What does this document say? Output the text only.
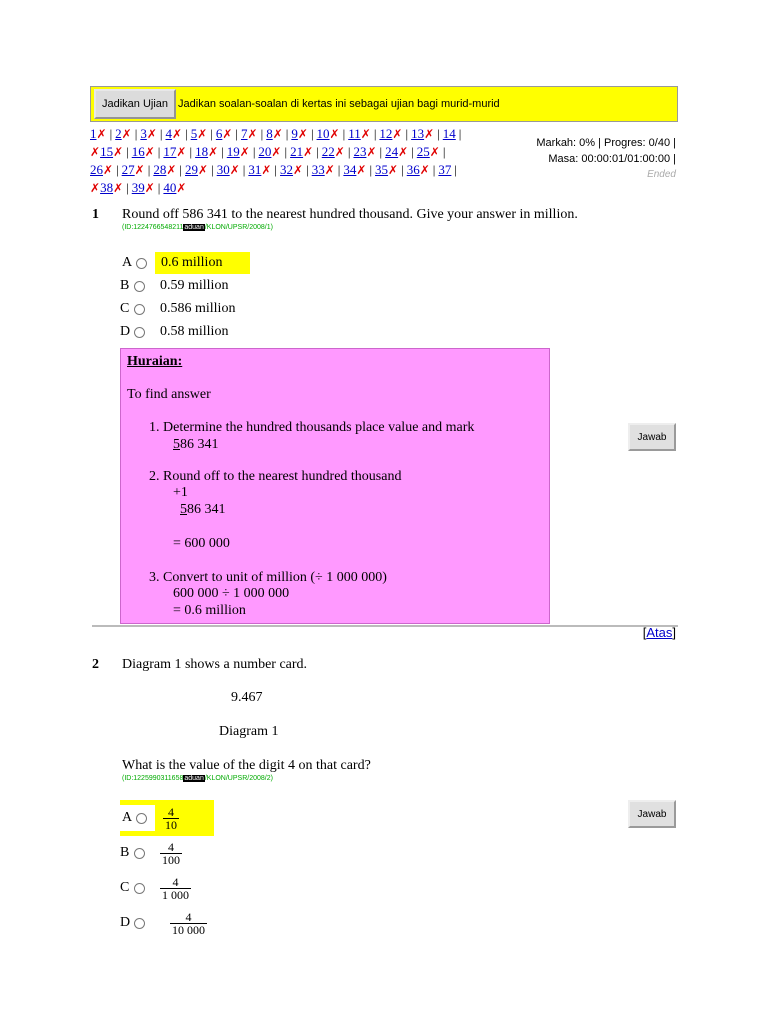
Jadikan Ujian Jadikan soalan-soalan di kertas ini sebagai ujian bagi murid-murid
1✗ | 2✗ | 3✗ | 4✗ | 5✗ | 6✗ | 7✗ | 8✗ | 9✗ | 10✗ | 11✗ | 12✗ | 13✗ | 14 |
✗15✗ | 16✗ | 17✗ | 18✗ | 19✗ | 20✗ | 21✗ | 22✗ | 23✗ | 24✗ | 25✗ |
26✗ | 27✗ | 28✗ | 29✗ | 30✗ | 31✗ | 32✗ | 33✗ | 34✗ | 35✗ | 36✗ | 37 |
✗38✗ | 39✗ | 40✗
Markah: 0% | Progres: 0/40 |
Masa: 00:00:01/01:00:00 |
Ended
1 Round off 586 341 to the nearest hundred thousand. Give your answer in million.
(ID:1224766548211aduan/KLON/UPSR/2008/1)
A 0.6 million
B	0.59 million
C	0.586 million
D 0.58 million
Huraian:
To find answer
1. Determine the hundred thousands place value and mark
586 341
2. Round off to the nearest hundred thousand
+1
586 341
= 600 000
3. Convert to unit of million (÷ 1 000 000)
600 000 ÷ 1 000 000
= 0.6 million
Jawab
[Atas]
2 Diagram 1 shows a number card.
9.467
Diagram 1
What is the value of the digit 4 on that card?
(ID:1225990311658aduan/KLON/UPSR/2008/2)
A	$\frac{4}{10}$
B	$\frac{4}{100}$
C	$\frac{4}{1 000}$
D	$\frac{4}{10 000}$
Jawab
